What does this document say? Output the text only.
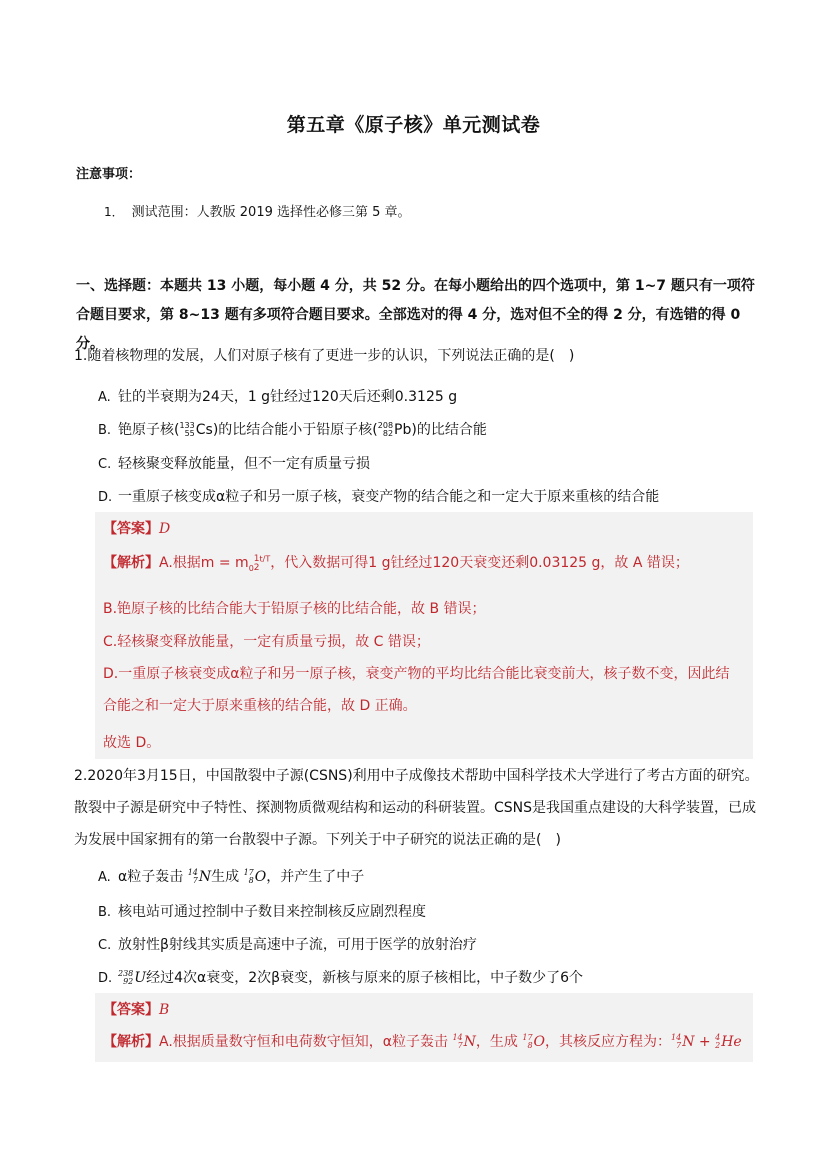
第五章《原子核》单元测试卷
注意事项：
1． 测试范围：人教版 2019 选择性必修三第 5 章。
一、选择题：本题共 13 小题，每小题 4 分，共 52 分。在每小题给出的四个选项中，第 1~7 题只有一项符合题目要求，第 8~13 题有多项符合题目要求。全部选对的得 4 分，选对但不全的得 2 分，有选错的得 0 分。
1.随着核物理的发展，人们对原子核有了更进一步的认识，下列说法正确的是(　)
A. 钍的半衰期为24天，1 g钍经过120天后还剩0.3125 g
B. 铯原子核( 133
55 Cs)的比结合能小于铅原子核( 208
82 Pb)的比结合能
C. 轻核聚变释放能量，但不一定有质量亏损
D. 一重原子核变成α粒子和另一原子核，衰变产物的结合能之和一定大于原来重核的结合能
【答案】D
【解析】A.根据$m = m_0$
1
2
$^{t/T}$，代入数据可得1 g钍经过120天衰变还剩0.03125 g，故 A 错误；
B.铯原子核的比结合能大于铅原子核的比结合能，故 B 错误；
C.轻核聚变释放能量，一定有质量亏损，故 C 错误；
D.一重原子核衰变成α粒子和另一原子核，衰变产物的平均比结合能比衰变前大，核子数不变，因此结合能之和一定大于原来重核的结合能，故 D 正确。
故选 D。
2.2020年3月15日，中国散裂中子源(CSNS)利用中子成像技术帮助中国科学技术大学进行了考古方面的研究。散裂中子源是研究中子特性、探测物质微观结构和运动的科研装置。CSNS是我国重点建设的大科学装置，已成为发展中国家拥有的第一台散裂中子源。下列关于中子研究的说法正确的是(　)
A. α粒子轰击 14
7 N生成 17
8 O，并产生了中子
B. 核电站可通过控制中子数目来控制核反应剧烈程度
C. 放射性β射线其实质是高速中子流，可用于医学的放射治疗
D. 238
92 U经过4次α衰变，2次β衰变，新核与原来的原子核相比，中子数少了6个
【答案】B
【解析】A.根据质量数守恒和电荷数守恒知，α粒子轰击 14
7 N，生成 17
8 O，其核反应方程为： 14
7 N + 4
2 He
